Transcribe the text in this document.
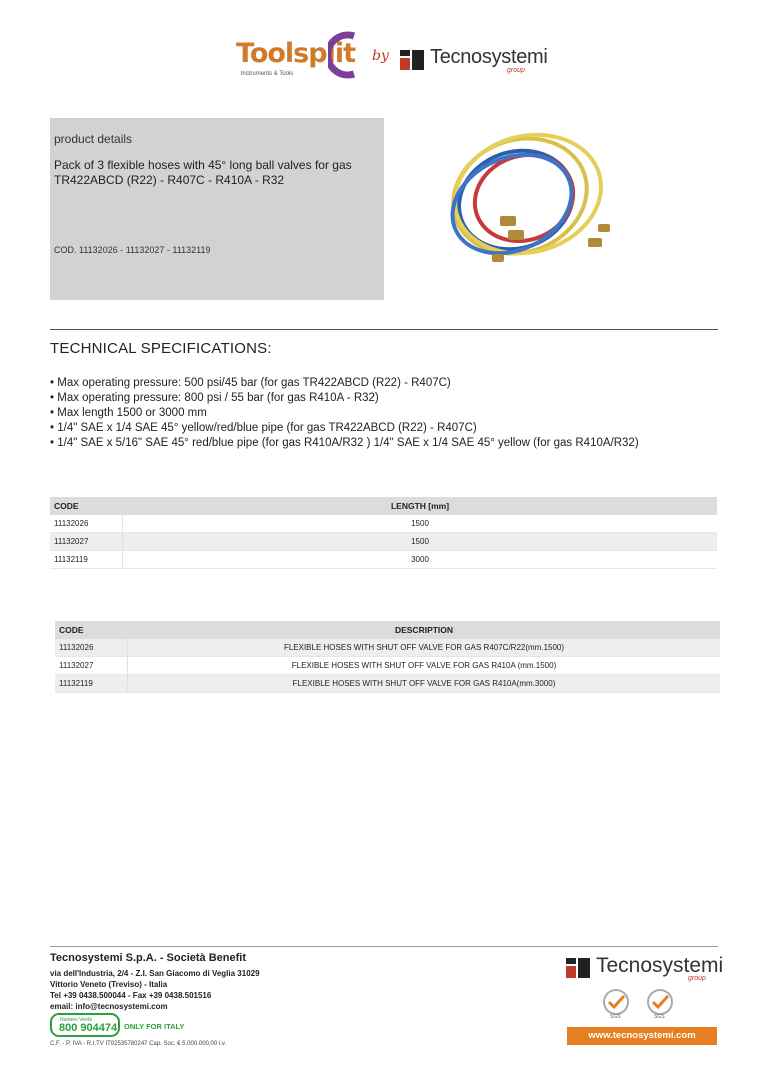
Toolsplit
Instruments & Tools
by Tecnosystemi
group
product details
Pack of 3 flexible hoses with 45° long ball valves for gas TR422ABCD (R22) - R407C - R410A - R32
COD. 11132026 - 11132027 - 11132119
TECHNICAL SPECIFICATIONS:
• Max operating pressure: 500 psi/45 bar (for gas TR422ABCD (R22) - R407C)
• Max operating pressure: 800 psi / 55 bar (for gas R410A - R32)
• Max length 1500 or 3000 mm
• 1/4" SAE x 1/4 SAE 45° yellow/red/blue pipe (for gas TR422ABCD (R22) - R407C)
• 1/4" SAE x 5/16" SAE 45° red/blue pipe (for gas R410A/R32 ) 1/4" SAE x 1/4 SAE 45° yellow (for gas R410A/R32)
CODE	LENGTH [mm]
11132026	1500
11132027	1500
11132119	3000
CODE	DESCRIPTION
11132026	FLEXIBLE HOSES WITH SHUT OFF VALVE FOR GAS R407C/R22(mm.1500)
11132027	FLEXIBLE HOSES WITH SHUT OFF VALVE FOR GAS R410A (mm.1500)
11132119	FLEXIBLE HOSES WITH SHUT OFF VALVE FOR GAS R410A(mm.3000)
Tecnosystemi S.p.A. - Società Benefit
via dell'Industria, 2/4 - Z.I. San Giacomo di Veglia 31029
Vittorio Veneto (Treviso) - Italia
Tel +39 0438.500044 - Fax +39 0438.501516
email: info@tecnosystemi.com
Numero Verde
800 904474 ONLY FOR ITALY
C.F. - P. IVA - R.I.TV IT02535780247 Cap. Soc. € 5.000.000,00 i.v.
Tecnosystemi
group
SGS	SGS
www.tecnosystemi.com
